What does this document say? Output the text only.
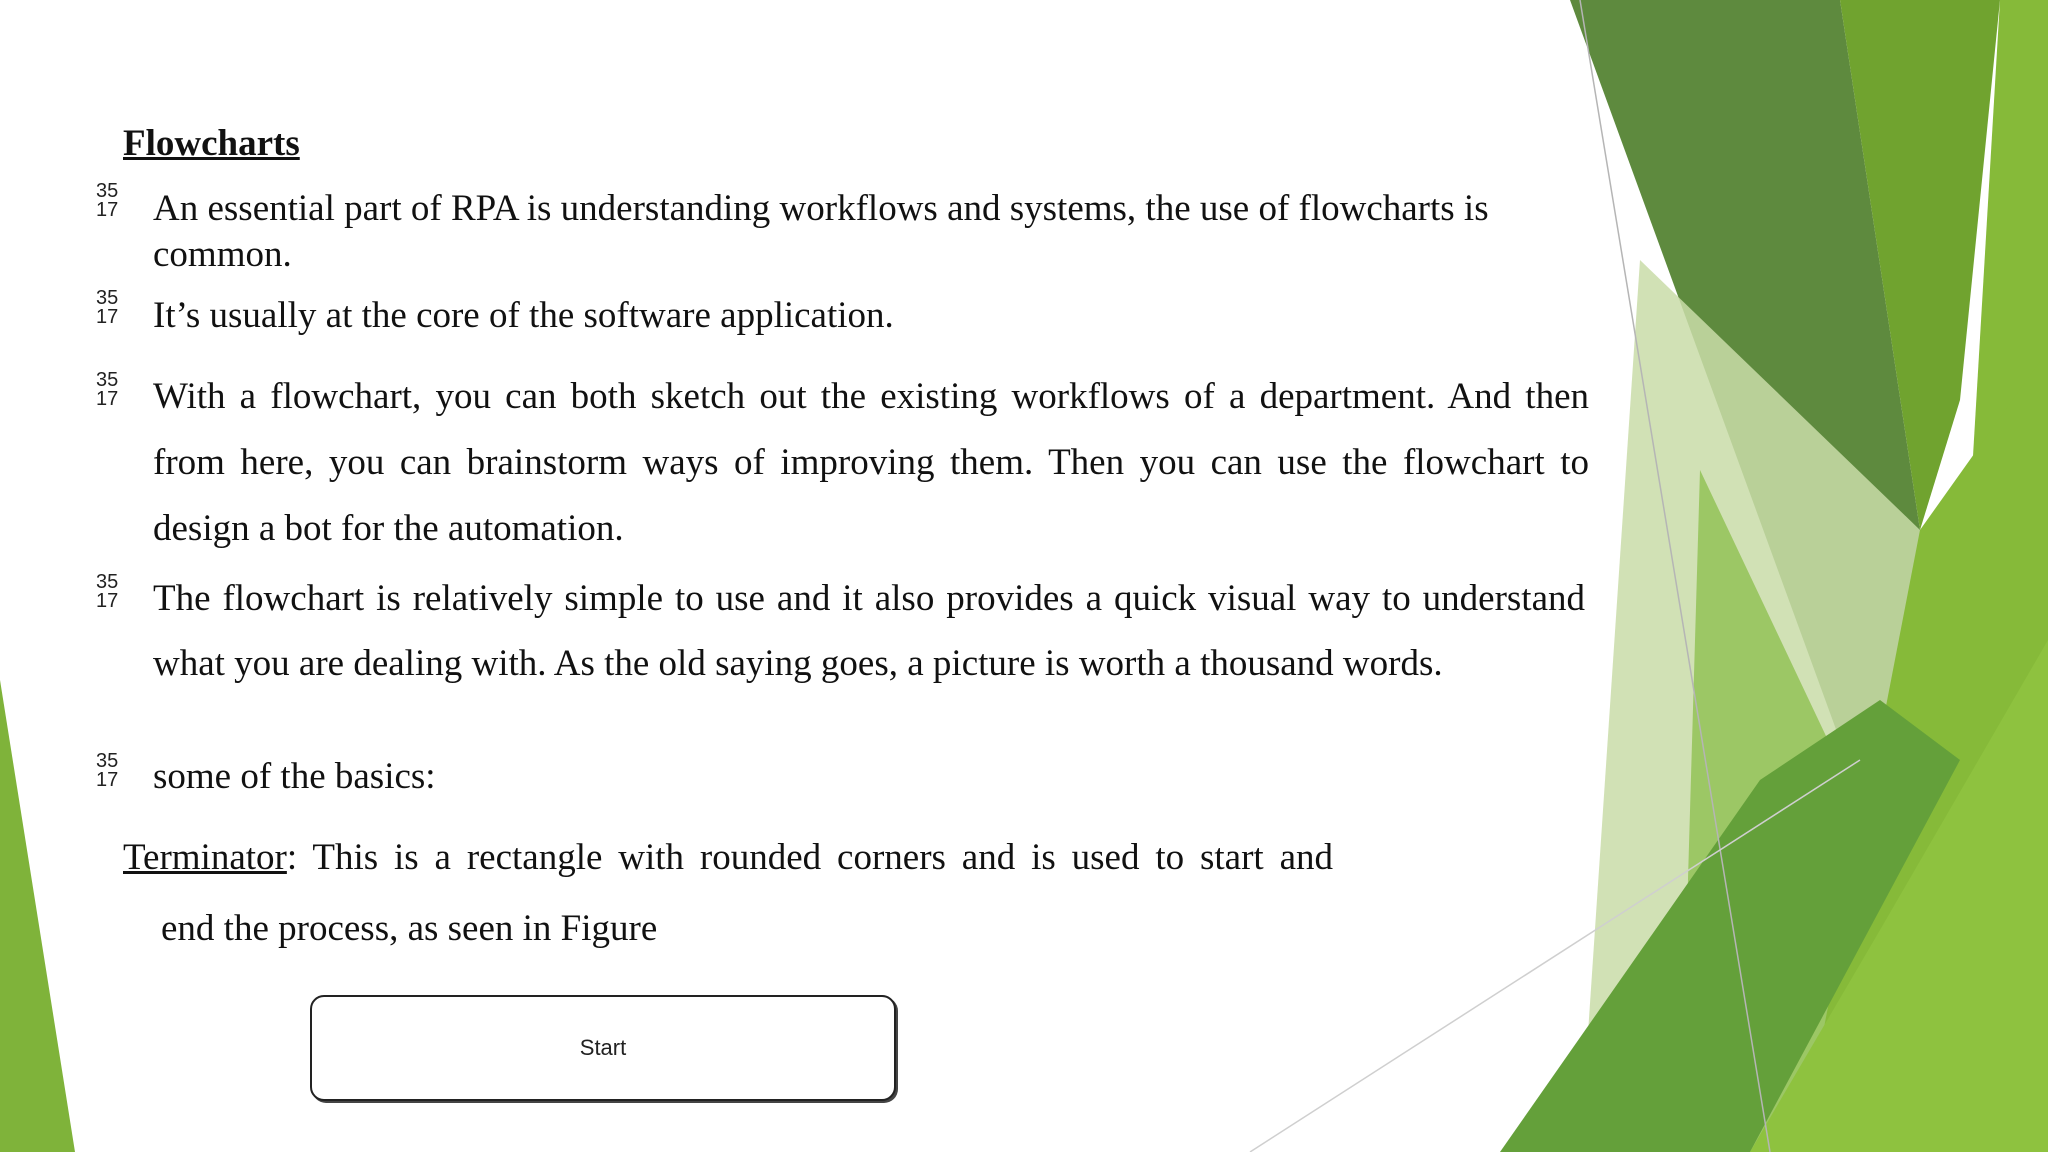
Flowcharts
35
17 An essential part of RPA is understanding workflows and systems, the use of flowcharts is common.
35
17 It’s usually at the core of the software application.
35
17 With a flowchart, you can both sketch out the existing workflows of a department. And then from here, you can brainstorm ways of improving them. Then you can use the flowchart to design a bot for the automation.
35
17 The flowchart is relatively simple to use and it also provides a quick visual way to understand what you are dealing with. As the old saying goes, a picture is worth a thousand words.
35
17 some of the basics:
Terminator: This is a rectangle with rounded corners and is used to start and
end the process, as seen in Figure
Start
